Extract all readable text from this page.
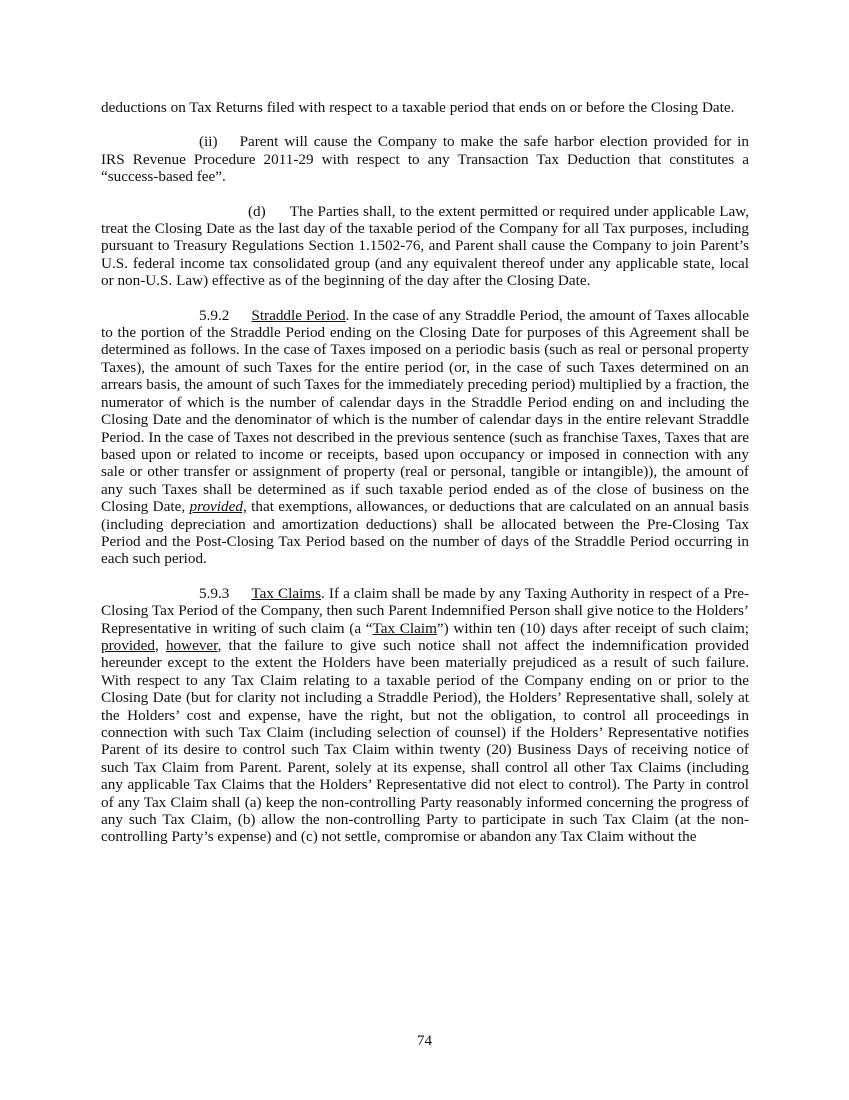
deductions on Tax Returns filed with respect to a taxable period that ends on or before the Closing Date.

(ii) Parent will cause the Company to make the safe harbor election provided for in IRS Revenue Procedure 2011-29 with respect to any Transaction Tax Deduction that constitutes a “success-based fee”.

(d) The Parties shall, to the extent permitted or required under applicable Law, treat the Closing Date as the last day of the taxable period of the Company for all Tax purposes, including pursuant to Treasury Regulations Section 1.1502-76, and Parent shall cause the Company to join Parent’s U.S. federal income tax consolidated group (and any equivalent thereof under any applicable state, local or non-U.S. Law) effective as of the beginning of the day after the Closing Date.

5.9.2 Straddle Period. In the case of any Straddle Period, the amount of Taxes allocable to the portion of the Straddle Period ending on the Closing Date for purposes of this Agreement shall be determined as follows. In the case of Taxes imposed on a periodic basis (such as real or personal property Taxes), the amount of such Taxes for the entire period (or, in the case of such Taxes determined on an arrears basis, the amount of such Taxes for the immediately preceding period) multiplied by a fraction, the numerator of which is the number of calendar days in the Straddle Period ending on and including the Closing Date and the denominator of which is the number of calendar days in the entire relevant Straddle Period. In the case of Taxes not described in the previous sentence (such as franchise Taxes, Taxes that are based upon or related to income or receipts, based upon occupancy or imposed in connection with any sale or other transfer or assignment of property (real or personal, tangible or intangible)), the amount of any such Taxes shall be determined as if such taxable period ended as of the close of business on the Closing Date, provided, that exemptions, allowances, or deductions that are calculated on an annual basis (including depreciation and amortization deductions) shall be allocated between the Pre-Closing Tax Period and the Post-Closing Tax Period based on the number of days of the Straddle Period occurring in each such period.

5.9.3 Tax Claims. If a claim shall be made by any Taxing Authority in respect of a Pre-Closing Tax Period of the Company, then such Parent Indemnified Person shall give notice to the Holders’ Representative in writing of such claim (a “Tax Claim”) within ten (10) days after receipt of such claim; provided, however, that the failure to give such notice shall not affect the indemnification provided hereunder except to the extent the Holders have been materially prejudiced as a result of such failure. With respect to any Tax Claim relating to a taxable period of the Company ending on or prior to the Closing Date (but for clarity not including a Straddle Period), the Holders’ Representative shall, solely at the Holders’ cost and expense, have the right, but not the obligation, to control all proceedings in connection with such Tax Claim (including selection of counsel) if the Holders’ Representative notifies Parent of its desire to control such Tax Claim within twenty (20) Business Days of receiving notice of such Tax Claim from Parent. Parent, solely at its expense, shall control all other Tax Claims (including any applicable Tax Claims that the Holders’ Representative did not elect to control). The Party in control of any Tax Claim shall (a) keep the non-controlling Party reasonably informed concerning the progress of any such Tax Claim, (b) allow the non-controlling Party to participate in such Tax Claim (at the non-controlling Party’s expense) and (c) not settle, compromise or abandon any Tax Claim without the

74
